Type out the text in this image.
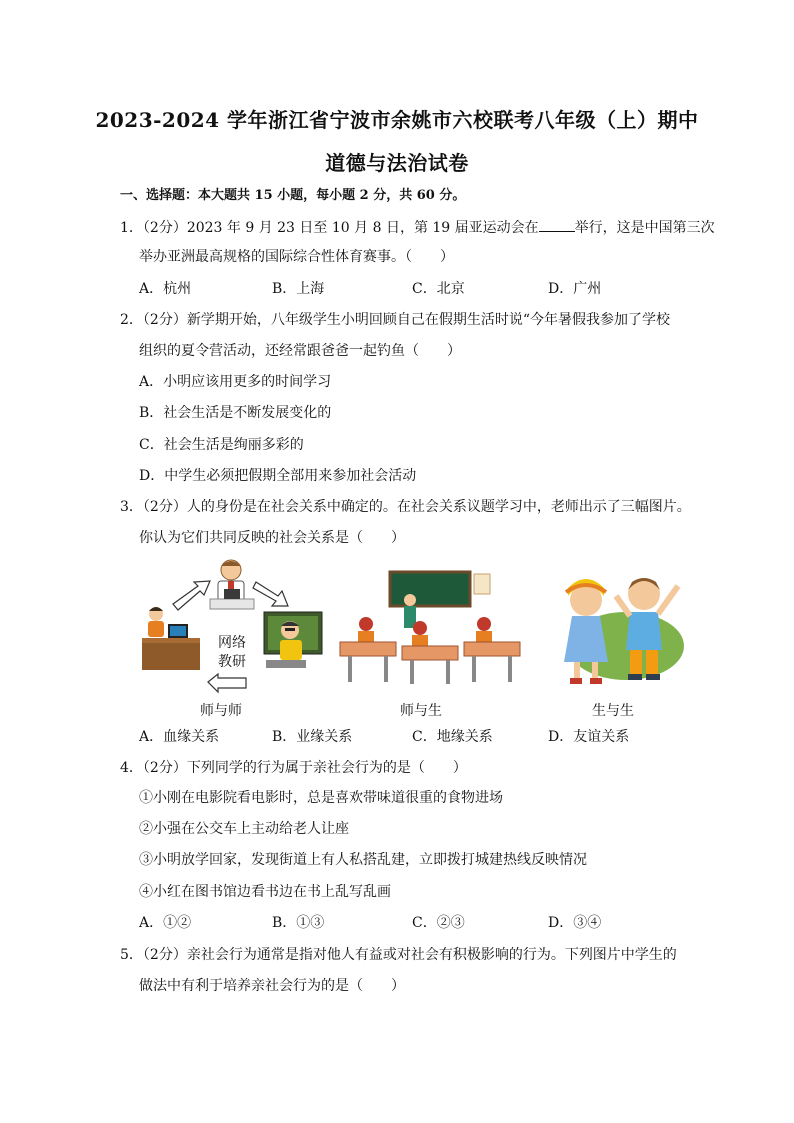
2023-2024 学年浙江省宁波市余姚市六校联考八年级（上）期中
道德与法治试卷
一、选择题：本大题共 15 小题，每小题 2 分，共 60 分。
1．（2分）2023 年 9 月 23 日至 10 月 8 日，第 19 届亚运动会在	举行，这是中国第三次
举办亚洲最高规格的国际综合性体育赛事。（　　）
A．杭州	B．上海	C．北京	D．广州
2．（2分）新学期开始，八年级学生小明回顾自己在假期生活时说“今年暑假我参加了学校
组织的夏令营活动，还经常跟爸爸一起钓鱼（　　）
A．小明应该用更多的时间学习
B．社会生活是不断发展变化的
C．社会生活是绚丽多彩的
D．中学生必须把假期全部用来参加社会活动
3．（2分）人的身份是在社会关系中确定的。在社会关系议题学习中，老师出示了三幅图片。
你认为它们共同反映的社会关系是（　　）
网络
教研
师与师	师与生	生与生
A．血缘关系	B．业缘关系	C．地缘关系	D．友谊关系
4．（2分）下列同学的行为属于亲社会行为的是（　　）
①小刚在电影院看电影时，总是喜欢带味道很重的食物进场
②小强在公交车上主动给老人让座
③小明放学回家，发现街道上有人私搭乱建，立即拨打城建热线反映情况
④小红在图书馆边看书边在书上乱写乱画
A．①②	B．①③	C．②③	D．③④
5．（2分）亲社会行为通常是指对他人有益或对社会有积极影响的行为。下列图片中学生的
做法中有利于培养亲社会行为的是（　　）
